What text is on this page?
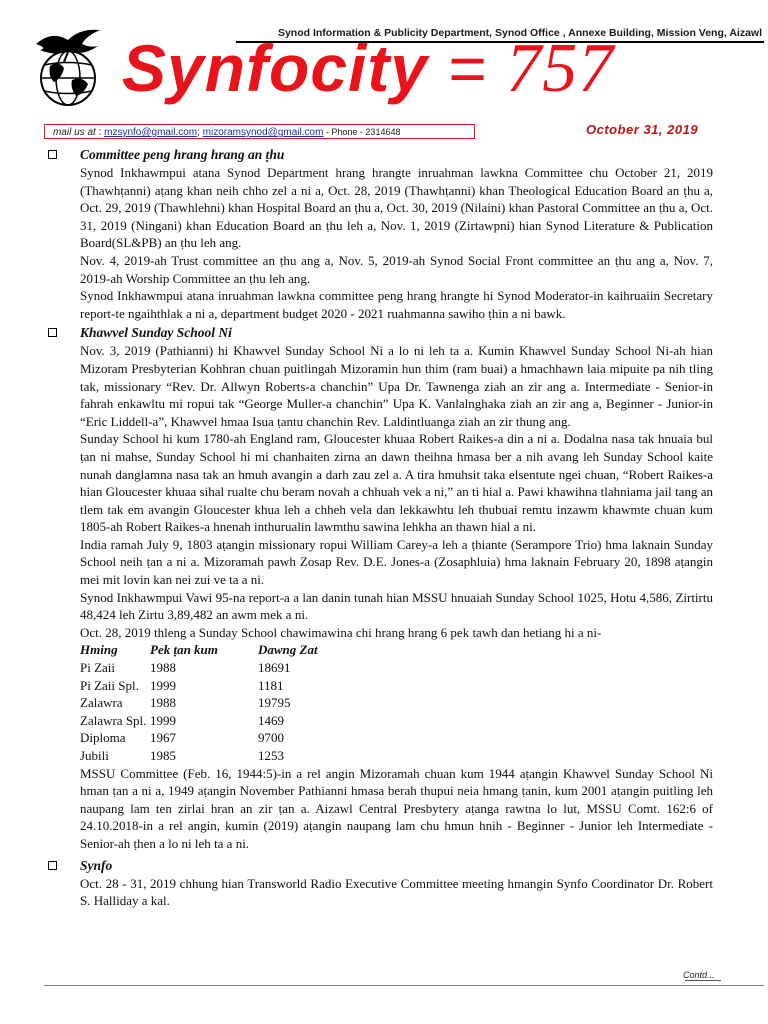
Synod Information & Publicity Department, Synod Office , Annexe Building, Mission Veng, Aizawl
Synfocity = 757
mail us at : mzsynfo@gmail.com; mizoramsynod@gmail.com - Phone - 2314648	October 31, 2019
Committee peng hrang hrang an ṭhu

Synod Inkhawmpui atana Synod Department hrang hrangte inruahman lawkna Committee chu October 21, 2019 (Thawhṭanni) aṭang khan neih chho zel a ni a, Oct. 28, 2019 (Thawhṭanni) khan Theological Education Board an ṭhu a, Oct. 29, 2019 (Thawhlehni) khan Hospital Board an ṭhu a, Oct. 30, 2019 (Nilaini) khan Pastoral Committee an ṭhu a, Oct. 31, 2019 (Ningani) khan Education Board an ṭhu leh a, Nov. 1, 2019 (Zirtawpni) hian Synod Literature & Publication Board(SL&PB) an ṭhu leh ang.

Nov. 4, 2019-ah Trust committee an ṭhu ang a, Nov. 5, 2019-ah Synod Social Front committee an ṭhu ang a, Nov. 7, 2019-ah Worship Committee an ṭhu leh ang.

Synod Inkhawmpui atana inruahman lawkna committee peng hrang hrangte hi Synod Moderator-in kaihruaiin Secretary report-te ngaihthlak a ni a, department budget 2020 - 2021 ruahmanna sawiho ṭhin a ni bawk.

Khawvel Sunday School Ni

Nov. 3, 2019 (Pathianni) hi Khawvel Sunday School Ni a lo ni leh ta a. Kumin Khawvel Sunday School Ni-ah hian Mizoram Presbyterian Kohhran chuan puitlingah Mizoramin hun thim (ram buai) a hmachhawn laia mipuite pa nih tling tak, missionary “Rev. Dr. Allwyn Roberts-a chanchin” Upa Dr. Tawnenga ziah an zir ang a. Intermediate - Senior-in fahrah enkawltu mi ropui tak “George Muller-a chanchin” Upa K. Vanlalnghaka ziah an zir ang a, Beginner - Junior-in “Eric Liddell-a”, Khawvel hmaa Isua ṭantu chanchin Rev. Laldintluanga ziah an zir thung ang.

Sunday School hi kum 1780-ah England ram, Gloucester khuaa Robert Raikes-a din a ni a. Dodalna nasa tak hnuaia bul ṭan ni mahse, Sunday School hi mi chanhaiten zirna an dawn theihna hmasa ber a nih avang leh Sunday School kaite nunah danglamna nasa tak an hmuh avangin a darh zau zel a. A tira hmuhsit taka elsentute ngei chuan, “Robert Raikes-a hian Gloucester khuaa sihal rualte chu beram novah a chhuah vek a ni,” an ti hial a. Pawi khawihna tlahniama jail tang an tlem tak em avangin Gloucester khua leh a chheh vela dan lekkawhtu leh thubuai remtu inzawm khawmte chuan kum 1805-ah Robert Raikes-a hnenah inthurualin lawmthu sawina lehkha an thawn hial a ni.

India ramah July 9, 1803 aṭangin missionary ropui William Carey-a leh a ṭhiante (Serampore Trio) hma laknain Sunday School neih ṭan a ni a. Mizoramah pawh Zosap Rev. D.E. Jones-a (Zosaphluia) hma laknain February 20, 1898 aṭangin mei mit lovin kan nei zui ve ta a ni.

Synod Inkhawmpui Vawi 95-na report-a a lan danin tunah hian MSSU hnuaiah Sunday School 1025, Hotu 4,586, Zirtirtu 48,424 leh Zirtu 3,89,482 an awm mek a ni.

Oct. 28, 2019 thleng a Sunday School chawimawina chi hrang hrang 6 pek tawh dan hetiang hi a ni-

Hming	Pek ṭan kum	Dawng Zat
Pi Zaii	1988	18691
Pi Zaii Spl.	1999	1181
Zalawra	1988	19795
Zalawra Spl.	1999	1469
Diploma	1967	9700
Jubili	1985	1253

MSSU Committee (Feb. 16, 1944:5)-in a rel angin Mizoramah chuan kum 1944 aṭangin Khawvel Sunday School Ni hman ṭan a ni a, 1949 aṭangin November Pathianni hmasa berah thupui neia hmang ṭanin, kum 2001 aṭangin puitling leh naupang lam ten zirlai hran an zir ṭan a. Aizawl Central Presbytery aṭanga rawtna lo lut, MSSU Comt. 162:6 of 24.10.2018-in a rel angin, kumin (2019) aṭangin naupang lam chu hmun hnih - Beginner - Junior leh Intermediate - Senior-ah ṭhen a lo ni leh ta a ni.

Synfo

Oct. 28 - 31, 2019 chhung hian Transworld Radio Executive Committee meeting hmangin Synfo Coordinator Dr. Robert S. Halliday a kal.

Contd...
